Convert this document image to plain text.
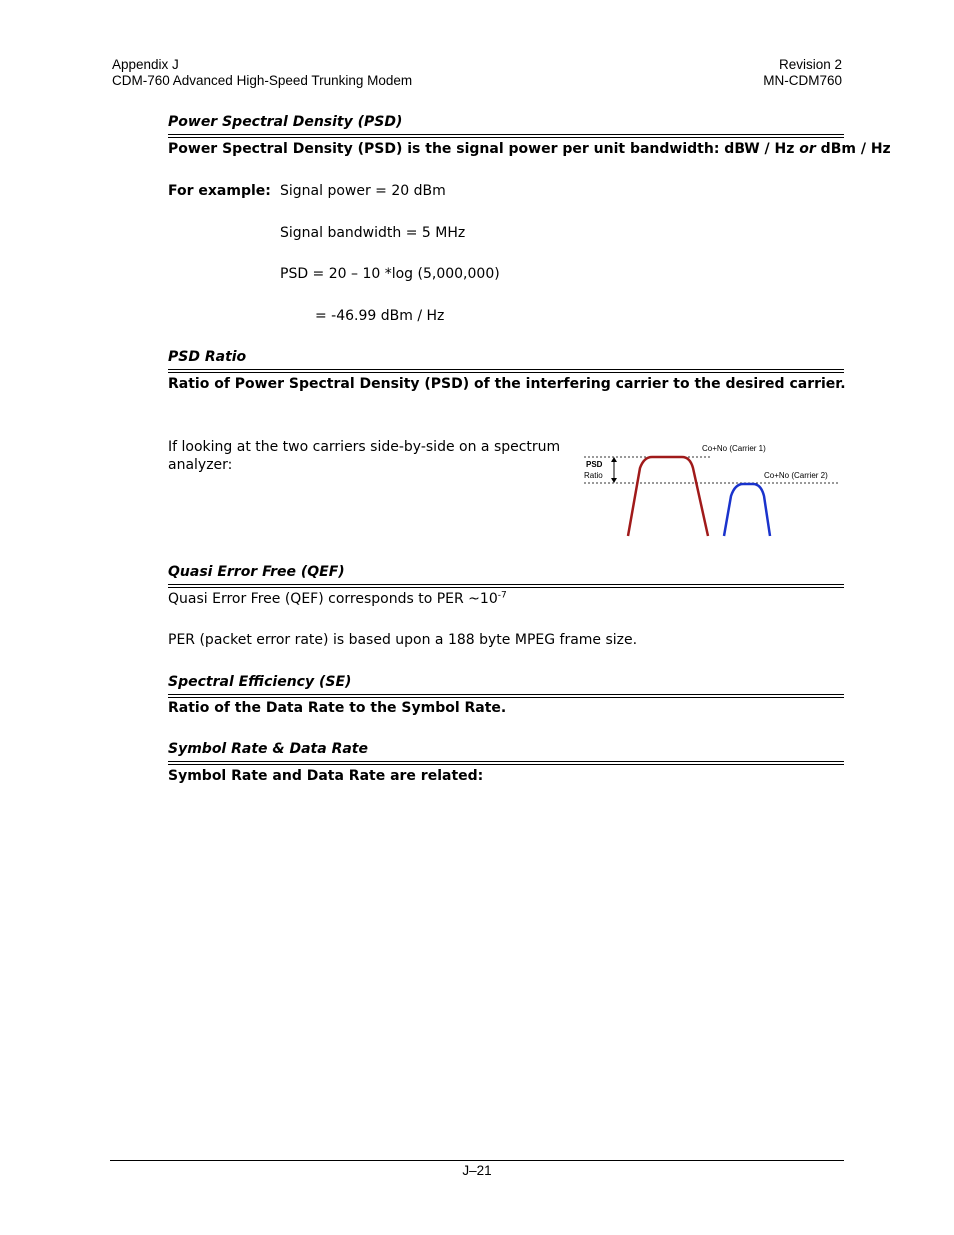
Appendix J
CDM-760 Advanced High-Speed Trunking Modem
Revision 2
MN-CDM760
Power Spectral Density (PSD)
Power Spectral Density (PSD) is the signal power per unit bandwidth: dBW / Hz or dBm / Hz
For example: Signal power = 20 dBm
Signal bandwidth = 5 MHz
PSD = 20 – 10 *log (5,000,000)
= -46.99 dBm / Hz
PSD Ratio
Ratio of Power Spectral Density (PSD) of the interfering carrier to the desired carrier.
If looking at the two carriers side-by-side on a spectrum analyzer:	PSD
Ratio
Co+No (Carrier 1)
Co+No (Carrier 2)
Quasi Error Free (QEF)
Quasi Error Free (QEF) corresponds to PER $\sim 10^{-7}$
PER (packet error rate) is based upon a 188 byte MPEG frame size.
Spectral Efficiency (SE)
Ratio of the Data Rate to the Symbol Rate.
Symbol Rate & Data Rate
Symbol Rate and Data Rate are related:
J–21
